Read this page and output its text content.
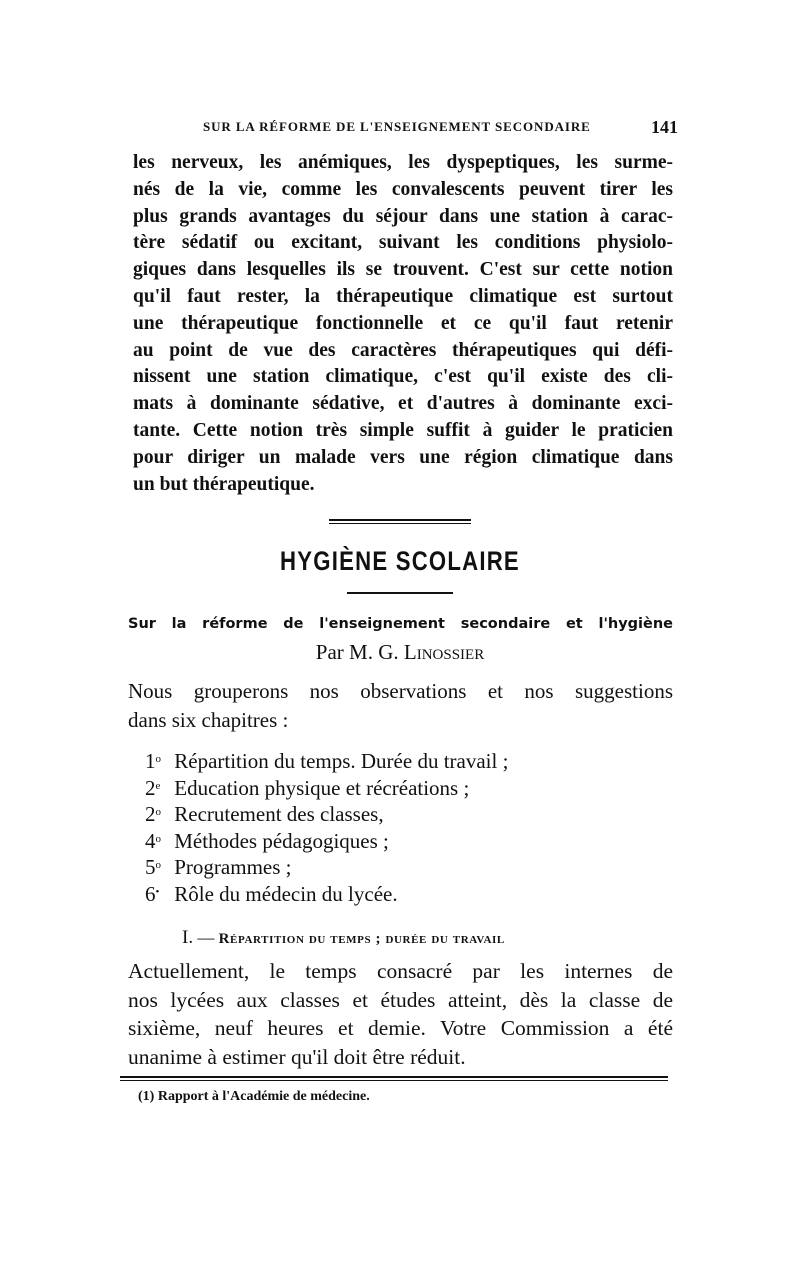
SUR LA RÉFORME DE L'ENSEIGNEMENT SECONDAIRE	141
les nerveux, les anémiques, les dyspeptiques, les surme-
nés de la vie, comme les convalescents peuvent tirer les
plus grands avantages du séjour dans une station à carac-
tère sédatif ou excitant, suivant les conditions physiolo-
giques dans lesquelles ils se trouvent. C'est sur cette notion
qu'il faut rester, la thérapeutique climatique est surtout
une thérapeutique fonctionnelle et ce qu'il faut retenir
au point de vue des caractères thérapeutiques qui défi-
nissent une station climatique, c'est qu'il existe des cli-
mats à dominante sédative, et d'autres à dominante exci-
tante. Cette notion très simple suffit à guider le praticien
pour diriger un malade vers une région climatique dans
un but thérapeutique.
HYGIÈNE SCOLAIRE
Sur la réforme de l'enseignement secondaire et l'hygiène
Par M. G. Linossier
Nous grouperons nos observations et nos suggestions
dans six chapitres :
1$^o$ Répartition du temps. Durée du travail ;
2e Education physique et récréations ;
2$^o$ Recrutement des classes,
4$^o$ Méthodes pédagogiques ;
5$^o$ Programmes ;
6• Rôle du médecin du lycée.
I. — Répartition du temps ; durée du travail
Actuellement, le temps consacré par les internes de
nos lycées aux classes et études atteint, dès la classe de
sixième, neuf heures et demie. Votre Commission a été
unanime à estimer qu'il doit être réduit.
(1) Rapport à l'Académie de médecine.
